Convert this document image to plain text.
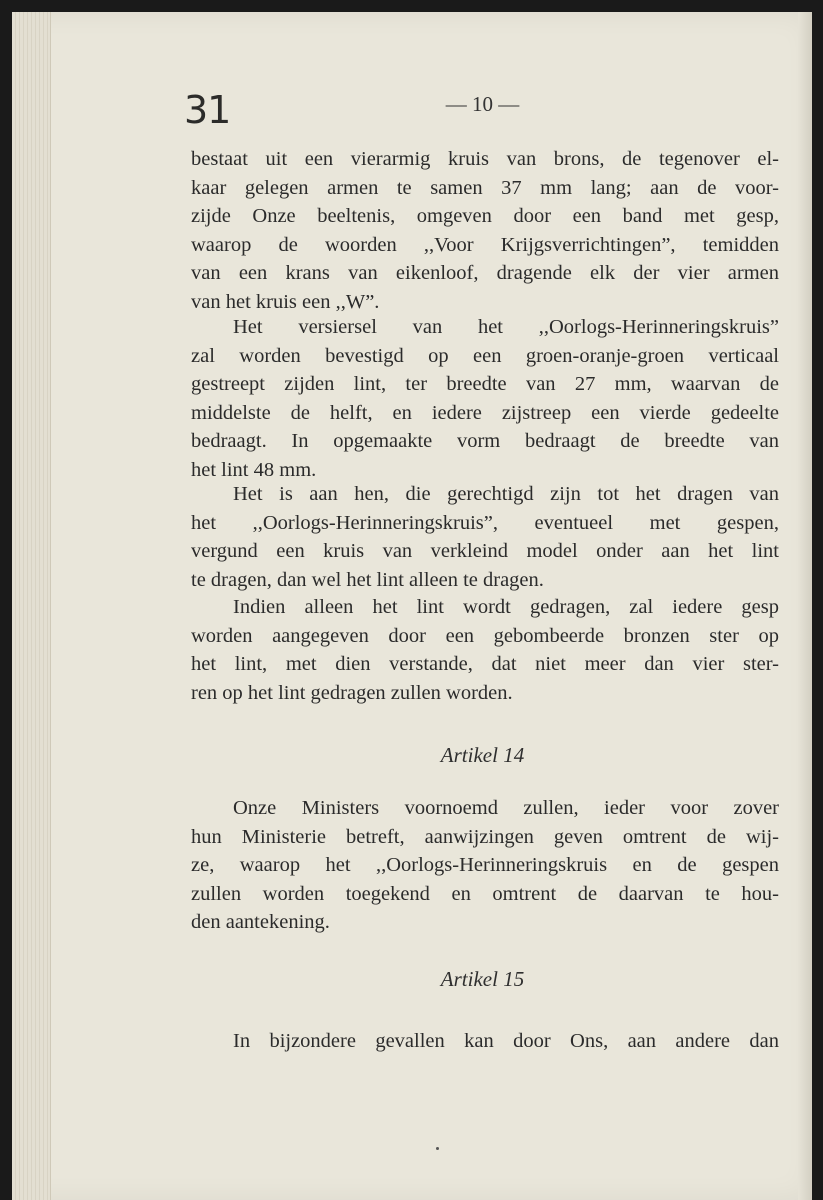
31	— 10 —
bestaat uit een vierarmig kruis van brons, de tegenover el-
kaar gelegen armen te samen 37 mm lang; aan de voor-
zijde Onze beeltenis, omgeven door een band met gesp,
waarop de woorden ,,Voor Krijgsverrichtingen”, temidden
van een krans van eikenloof, dragende elk der vier armen
van het kruis een ,,W”.
Het versiersel van het ,,Oorlogs-Herinneringskruis”
zal worden bevestigd op een groen-oranje-groen verticaal
gestreept zijden lint, ter breedte van 27 mm, waarvan de
middelste de helft, en iedere zijstreep een vierde gedeelte
bedraagt. In opgemaakte vorm bedraagt de breedte van
het lint 48 mm.
Het is aan hen, die gerechtigd zijn tot het dragen van
het ,,Oorlogs-Herinneringskruis”, eventueel met gespen,
vergund een kruis van verkleind model onder aan het lint
te dragen, dan wel het lint alleen te dragen.
Indien alleen het lint wordt gedragen, zal iedere gesp
worden aangegeven door een gebombeerde bronzen ster op
het lint, met dien verstande, dat niet meer dan vier ster-
ren op het lint gedragen zullen worden.
Artikel 14
Onze Ministers voornoemd zullen, ieder voor zover
hun Ministerie betreft, aanwijzingen geven omtrent de wij-
ze, waarop het ,,Oorlogs-Herinneringskruis en de gespen
zullen worden toegekend en omtrent de daarvan te hou-
den aantekening.
Artikel 15
In bijzondere gevallen kan door Ons, aan andere dan
